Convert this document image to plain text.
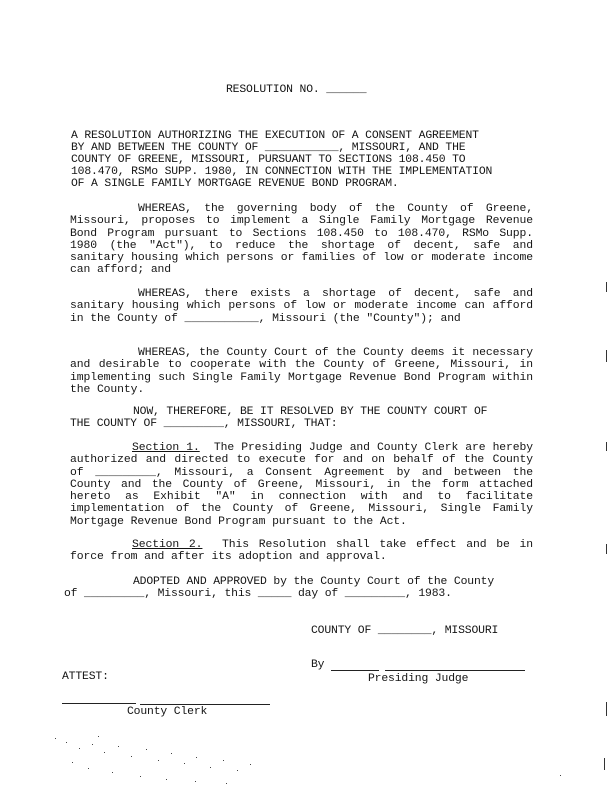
RESOLUTION NO. ______
A RESOLUTION AUTHORIZING THE EXECUTION OF A CONSENT AGREEMENT
BY AND BETWEEN THE COUNTY OF ___________, MISSOURI, AND THE
COUNTY OF GREENE, MISSOURI, PURSUANT TO SECTIONS 108.450 TO
108.470, RSMo SUPP. 1980, IN CONNECTION WITH THE IMPLEMENTATION
OF A SINGLE FAMILY MORTGAGE REVENUE BOND PROGRAM.
WHEREAS, the governing body of the County of Greene, Missouri, proposes to implement a Single Family Mortgage Revenue Bond Program pursuant to Sections 108.450 to 108.470, RSMo Supp. 1980 (the "Act"), to reduce the shortage of decent, safe and sanitary housing which persons or families of low or moderate income can afford; and
WHEREAS, there exists a shortage of decent, safe and sanitary housing which persons of low or moderate income can afford in the County of ___________, Missouri (the "County"); and
WHEREAS, the County Court of the County deems it necessary and desirable to cooperate with the County of Greene, Missouri, in implementing such Single Family Mortgage Revenue Bond Program within the County.
NOW, THEREFORE, BE IT RESOLVED BY THE COUNTY COURT OF
THE COUNTY OF _________, MISSOURI, THAT:
Section 1. The Presiding Judge and County Clerk are hereby authorized and directed to execute for and on behalf of the County of _________, Missouri, a Consent Agreement by and between the County and the County of Greene, Missouri, in the form attached hereto as Exhibit "A" in connection with and to facilitate implementation of the County of Greene, Missouri, Single Family Mortgage Revenue Bond Program pursuant to the Act.
Section 2. This Resolution shall take effect and be in force from and after its adoption and approval.
ADOPTED AND APPROVED by the County Court of the County
of _________, Missouri, this _____ day of _________, 1983.
COUNTY OF ________, MISSOURI
By
Presiding Judge
ATTEST:
County Clerk
